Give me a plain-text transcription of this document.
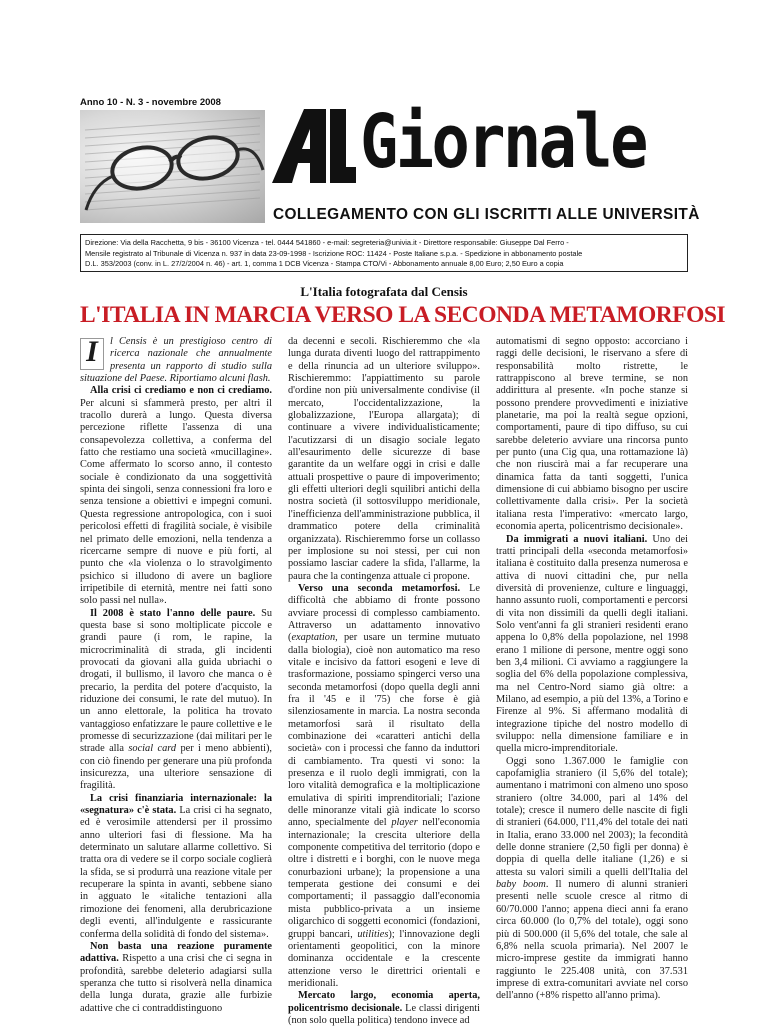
Anno 10 - N. 3 - novembre 2008 Giornale
COLLEGAMENTO CON GLI ISCRITTI ALLE UNIVERSITÀ
Direzione: Via della Racchetta, 9 bis - 36100 Vicenza - tel. 0444 541860 - e-mail: segreteria@univia.it - Direttore responsabile: Giuseppe Dal Ferro -
Mensile registrato al Tribunale di Vicenza n. 937 in data 23-09-1998 - Iscrizione ROC: 11424 - Poste Italiane s.p.a. - Spedizione in abbonamento postale
D.L. 353/2003 (conv. in L. 27/2/2004 n. 46) - art. 1, comma 1 DCB Vicenza - Stampa CTO/Vi - Abbonamento annuale 8,00 Euro; 2,50 Euro a copia
L'Italia fotografata dal Censis
L'ITALIA IN MARCIA VERSO LA SECONDA METAMORFOSI

I	l Censis è un prestigioso centro di ricerca nazionale che annualmente presenta un rapporto di studio sulla situazione del Paese. Riportiamo alcuni flash.

Alla crisi ci crediamo e non ci crediamo. Per alcuni si sfammerà presto, per altri il tracollo durerà a lungo. Questa diversa percezione riflette l'assenza di una consapevolezza collettiva, a conferma del fatto che restiamo una società «mucillagine». Come affermato lo scorso anno, il contesto sociale è condizionato da una soggettività spinta dei singoli, senza connessioni fra loro e senza tensione a obiettivi e impegni comuni. Questa regressione antropologica, con i suoi pericolosi effetti di fragilità sociale, è visibile nel primato delle emozioni, nella tendenza a ricercarne sempre di nuove e più forti, al punto che «la violenza o lo stravolgimento psichico si illudono di avere un bagliore irripetibile di eternità, mentre nei fatti sono solo passi nel nulla».

Il 2008 è stato l'anno delle paure. Su questa base si sono moltiplicate piccole e grandi paure (i rom, le rapine, la microcriminalità di strada, gli incidenti provocati da giovani alla guida ubriachi o drogati, il bullismo, il lavoro che manca o è precario, la perdita del potere d'acquisto, la riduzione dei consumi, le rate del mutuo). In un anno elettorale, la politica ha trovato vantaggioso enfatizzare le paure collettive e le promesse di securizzazione (dai militari per le strade alla social card per i meno abbienti), con ciò finendo per generare una più profonda insicurezza, una ulteriore sensazione di fragilità.

La crisi finanziaria internazionale: la «segnatura» c'è stata. La crisi ci ha segnato, ed è verosimile attendersi per il prossimo anno ulteriori fasi di flessione. Ma ha determinato un salutare allarme collettivo. Si tratta ora di vedere se il corpo sociale coglierà la sfida, se si produrrà una reazione vitale per recuperare la spinta in avanti, sebbene siano in agguato le «italiche tentazioni alla rimozione dei fenomeni, alla derubricazione degli eventi, all'indulgente e rassicurante conferma della solidità di fondo del sistema».

Non basta una reazione puramente adattiva. Rispetto a una crisi che ci segna in profondità, sarebbe deleterio adagiarsi sulla speranza che tutto si risolverà nella dinamica della lunga durata, grazie alle furbizie adattive che ci contraddistinguono

da decenni e secoli. Rischieremmo che «la lunga durata diventi luogo del rattrappimento e della rinuncia ad un ulteriore sviluppo». Rischieremmo: l'appiattimento su parole d'ordine non più universalmente condivise (il mercato, l'occidentalizzazione, la globalizzazione, l'Europa allargata); di continuare a vivere individualisticamente; l'acutizzarsi di un disagio sociale legato all'esaurimento delle sicurezze di base garantite da un welfare oggi in crisi e dalle attuali prospettive o paure di impoverimento; gli effetti ulteriori degli squilibri antichi della nostra società (il sottosviluppo meridionale, l'inefficienza dell'amministrazione pubblica, il drammatico potere della criminalità organizzata). Rischieremmo forse un collasso per implosione su noi stessi, per cui non possiamo lasciar cadere la sfida, l'allarme, la paura che la contingenza attuale ci propone.

Verso una seconda metamorfosi. Le difficoltà che abbiamo di fronte possono avviare processi di complesso cambiamento. Attraverso un adattamento innovativo (exaptation, per usare un termine mutuato dalla biologia), cioè non automatico ma reso vitale e incisivo da fattori esogeni e leve di trasformazione, possiamo spingerci verso una seconda metamorfosi (dopo quella degli anni fra il '45 e il '75) che forse è già silenziosamente in marcia. La nostra seconda metamorfosi sarà il risultato della combinazione dei «caratteri antichi della società» con i processi che fanno da induttori di cambiamento. Tra questi vi sono: la presenza e il ruolo degli immigrati, con la loro vitalità demografica e la moltiplicazione emulativa di spiriti imprenditoriali; l'azione delle minoranze vitali già indicate lo scorso anno, specialmente del player nell'economia internazionale; la crescita ulteriore della componente competitiva del territorio (dopo e oltre i distretti e i borghi, con le nuove mega conurbazioni urbane); la propensione a una temperata gestione dei consumi e dei comportamenti; il passaggio dall'economia mista pubblico-privata a un insieme oligarchico di soggetti economici (fondazioni, gruppi bancari, utilities); l'innovazione degli orientamenti geopolitici, con la minore dominanza occidentale e la crescente attenzione verso le direttrici orientali e meridionali.

Mercato largo, economia aperta, policentrismo decisionale. Le classi dirigenti (non solo quella politica) tendono invece ad

automatismi di segno opposto: accorciano i raggi delle decisioni, le riservano a sfere di responsabilità molto ristrette, le rattrappiscono al breve termine, se non addirittura al presente. «In poche stanze si possono prendere provvedimenti e iniziative planetarie, ma poi la realtà segue opzioni, comportamenti, paure di tipo diffuso, su cui sarebbe deleterio avviare una rincorsa punto per punto (una Cig qua, una rottamazione là) che non riuscirà mai a far recuperare una dinamica fatta da tanti soggetti, l'unica dimensione di cui abbiamo bisogno per uscire collettivamente dalla crisi». Per la società italiana resta l'imperativo: «mercato largo, economia aperta, policentrismo decisionale».

Da immigrati a nuovi italiani. Uno dei tratti principali della «seconda metamorfosi» italiana è costituito dalla presenza numerosa e attiva di nuovi cittadini che, pur nella diversità di provenienze, culture e linguaggi, hanno assunto ruoli, comportamenti e percorsi di vita non dissimili da quelli degli italiani. Solo vent'anni fa gli stranieri residenti erano appena lo 0,8% della popolazione, nel 1998 erano 1 milione di persone, mentre oggi sono ben 3,4 milioni. Ci avviamo a raggiungere la soglia del 6% della popolazione complessiva, ma nel Centro-Nord siamo già oltre: a Milano, ad esempio, a più del 13%, a Torino e Firenze al 9%. Si affermano modalità di integrazione tipiche del nostro modello di sviluppo: nella dimensione familiare e in quella micro-imprenditoriale.

Oggi sono 1.367.000 le famiglie con capofamiglia straniero (il 5,6% del totale); aumentano i matrimoni con almeno uno sposo straniero (oltre 34.000, pari al 14% del totale); cresce il numero delle nascite di figli di stranieri (64.000, l'11,4% del totale dei nati in Italia, erano 33.000 nel 2003); la fecondità delle donne straniere (2,50 figli per donna) è doppia di quella delle italiane (1,26) e si attesta su valori simili a quelli dell'Italia del baby boom. Il numero di alunni stranieri presenti nelle scuole cresce al ritmo di 60/70.000 l'anno; appena dieci anni fa erano circa 60.000 (lo 0,7% del totale), oggi sono più di 500.000 (il 5,6% del totale, che sale al 6,8% nella scuola primaria). Nel 2007 le micro-imprese gestite da immigrati hanno raggiunto le 225.408 unità, con 37.531 imprese di extra-comunitari avviate nel corso dell'anno (+8% rispetto all'anno prima).
